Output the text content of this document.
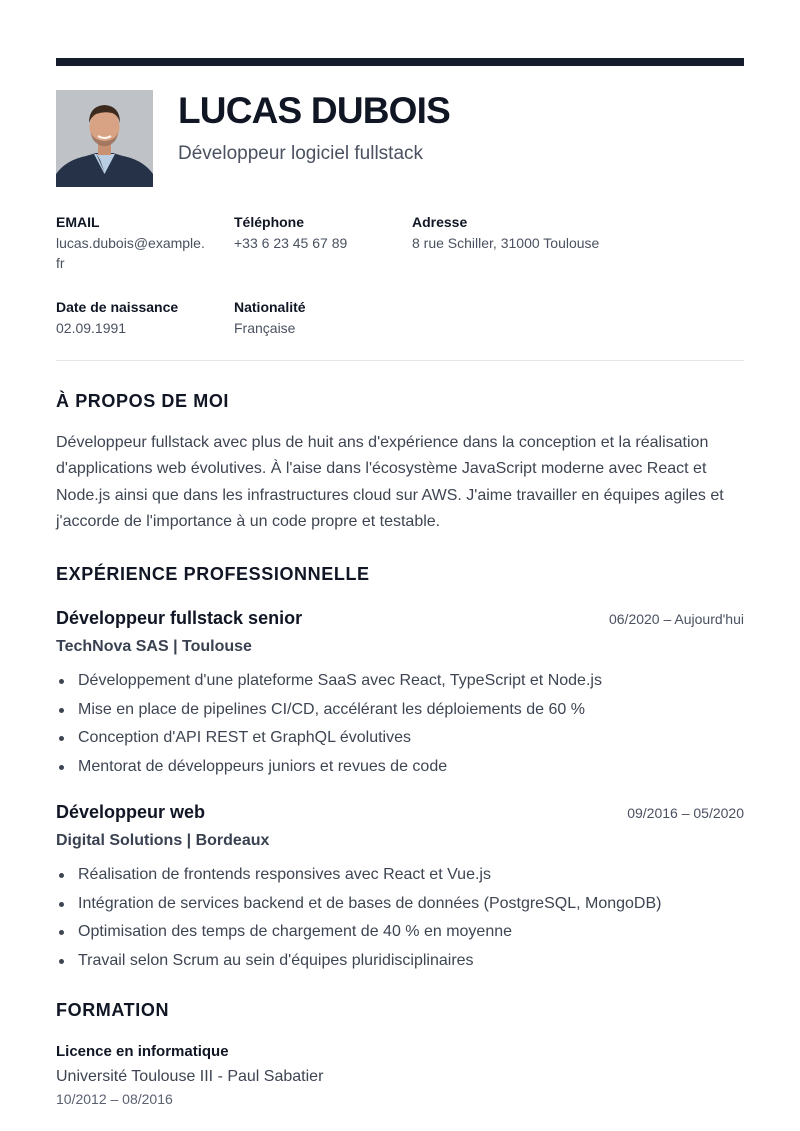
LUCAS DUBOIS

Développeur logiciel fullstack

EMAIL
lucas.dubois@example.fr
Téléphone
+33 6 23 45 67 89
Adresse
8 rue Schiller, 31000 Toulouse
Date de naissance
02.09.1991
Nationalité
Française
À PROPOS DE MOI

Développeur fullstack avec plus de huit ans d'expérience dans la conception et la réalisation d'applications web évolutives. À l'aise dans l'écosystème JavaScript moderne avec React et Node.js ainsi que dans les infrastructures cloud sur AWS. J'aime travailler en équipes agiles et j'accorde de l'importance à un code propre et testable.

EXPÉRIENCE PROFESSIONNELLE
Développeur fullstack senior	06/2020 – Aujourd'hui
TechNova SAS | Toulouse
Développement d'une plateforme SaaS avec React, TypeScript et Node.js
Mise en place de pipelines CI/CD, accélérant les déploiements de 60 %
Conception d'API REST et GraphQL évolutives
Mentorat de développeurs juniors et revues de code
Développeur web	09/2016 – 05/2020
Digital Solutions | Bordeaux
Réalisation de frontends responsives avec React et Vue.js
Intégration de services backend et de bases de données (PostgreSQL, MongoDB)
Optimisation des temps de chargement de 40 % en moyenne
Travail selon Scrum au sein d'équipes pluridisciplinaires
FORMATION
Licence en informatique
Université Toulouse III - Paul Sabatier
10/2012 – 08/2016
